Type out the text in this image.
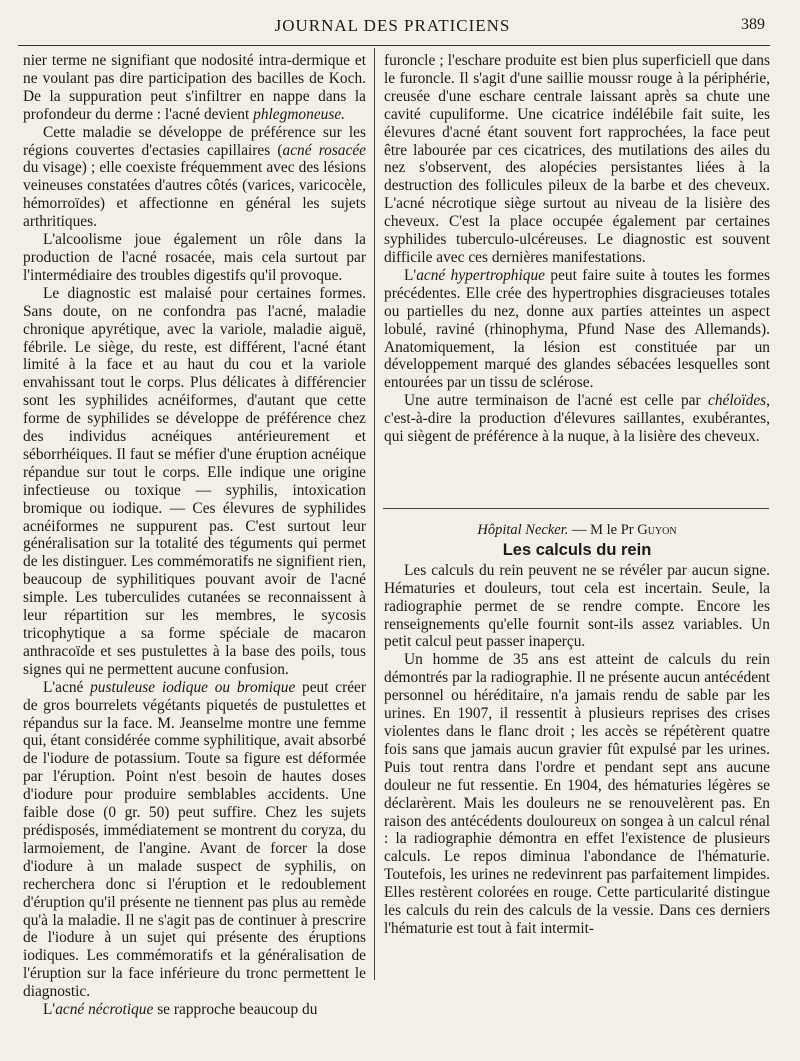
JOURNAL DES PRATICIENS	389

nier terme ne signifiant que nodosité intra-dermique et ne voulant pas dire participation des bacilles de Koch. De la suppuration peut s'infiltrer en nappe dans la profondeur du derme : l'acné devient phlegmoneuse.

Cette maladie se développe de préférence sur les régions couvertes d'ectasies capillaires (acné rosacée du visage) ; elle coexiste fréquemment avec des lésions veineuses constatées d'autres côtés (varices, varicocèle, hémorroïdes) et affectionne en général les sujets arthritiques.

L'alcoolisme joue également un rôle dans la production de l'acné rosacée, mais cela surtout par l'intermédiaire des troubles digestifs qu'il provoque.

Le diagnostic est malaisé pour certaines formes. Sans doute, on ne confondra pas l'acné, maladie chronique apyrétique, avec la variole, maladie aiguë, fébrile. Le siège, du reste, est différent, l'acné étant limité à la face et au haut du cou et la variole envahissant tout le corps. Plus délicates à différencier sont les syphilides acnéiformes, d'autant que cette forme de syphilides se développe de préférence chez des individus acnéiques antérieurement et séborrhéiques. Il faut se méfier d'une éruption acnéique répandue sur tout le corps. Elle indique une origine infectieuse ou toxique — syphilis, intoxication bromique ou iodique. — Ces élevures de syphilides acnéiformes ne suppurent pas. C'est surtout leur généralisation sur la totalité des téguments qui permet de les distinguer. Les commémoratifs ne signifient rien, beaucoup de syphilitiques pouvant avoir de l'acné simple. Les tuberculides cutanées se reconnaissent à leur répartition sur les membres, le sycosis tricophytique a sa forme spéciale de macaron anthracoïde et ses pustulettes à la base des poils, tous signes qui ne permettent aucune confusion.

L'acné pustuleuse iodique ou bromique peut créer de gros bourrelets végétants piquetés de pustulettes et répandus sur la face. M. Jeanselme montre une femme qui, étant considérée comme syphilitique, avait absorbé de l'iodure de potassium. Toute sa figure est déformée par l'éruption. Point n'est besoin de hautes doses d'iodure pour produire semblables accidents. Une faible dose (0 gr. 50) peut suffire. Chez les sujets prédisposés, immédiatement se montrent du coryza, du larmoiement, de l'angine. Avant de forcer la dose d'iodure à un malade suspect de syphilis, on recherchera donc si l'éruption et le redoublement d'éruption qu'il présente ne tiennent pas plus au remède qu'à la maladie. Il ne s'agit pas de continuer à prescrire de l'iodure à un sujet qui présente des éruptions iodiques. Les commémoratifs et la généralisation de l'éruption sur la face inférieure du tronc permettent le diagnostic.

L'acné nécrotique se rapproche beaucoup du

furoncle ; l'eschare produite est bien plus superficiell que dans le furoncle. Il s'agit d'une saillie moussr rouge à la périphérie, creusée d'une eschare centrale laissant après sa chute une cavité cupuliforme. Une cicatrice indélébile fait suite, les élevures d'acné étant souvent fort rapprochées, la face peut être labourée par ces cicatrices, des mutilations des ailes du nez s'observent, des alopécies persistantes liées à la destruction des follicules pileux de la barbe et des cheveux. L'acné nécrotique siège surtout au niveau de la lisière des cheveux. C'est la place occupée également par certaines syphilides tuberculo-ulcéreuses. Le diagnostic est souvent difficile avec ces dernières manifestations.

L'acné hypertrophique peut faire suite à toutes les formes précédentes. Elle crée des hypertrophies disgracieuses totales ou partielles du nez, donne aux parties atteintes un aspect lobulé, raviné (rhinophyma, Pfund Nase des Allemands). Anatomiquement, la lésion est constituée par un développement marqué des glandes sébacées lesquelles sont entourées par un tissu de sclérose.

Une autre terminaison de l'acné est celle par chéloïdes, c'est-à-dire la production d'élevures saillantes, exubérantes, qui siègent de préférence à la nuque, à la lisière des cheveux.

Hôpital Necker. — M le Pr Guyon
Les calculs du rein

Les calculs du rein peuvent ne se révéler par aucun signe. Hématuries et douleurs, tout cela est incertain. Seule, la radiographie permet de se rendre compte. Encore les renseignements qu'elle fournit sont-ils assez variables. Un petit calcul peut passer inaperçu.

Un homme de 35 ans est atteint de calculs du rein démontrés par la radiographie. Il ne présente aucun antécédent personnel ou héréditaire, n'a jamais rendu de sable par les urines. En 1907, il ressentit à plusieurs reprises des crises violentes dans le flanc droit ; les accès se répétèrent quatre fois sans que jamais aucun gravier fût expulsé par les urines. Puis tout rentra dans l'ordre et pendant sept ans aucune douleur ne fut ressentie. En 1904, des hématuries légères se déclarèrent. Mais les douleurs ne se renouvelèrent pas. En raison des antécédents douloureux on songea à un calcul rénal : la radiographie démontra en effet l'existence de plusieurs calculs. Le repos diminua l'abondance de l'hématurie. Toutefois, les urines ne redevinrent pas parfaitement limpides. Elles restèrent colorées en rouge. Cette particularité distingue les calculs du rein des calculs de la vessie. Dans ces derniers l'hématurie est tout à fait intermit-
